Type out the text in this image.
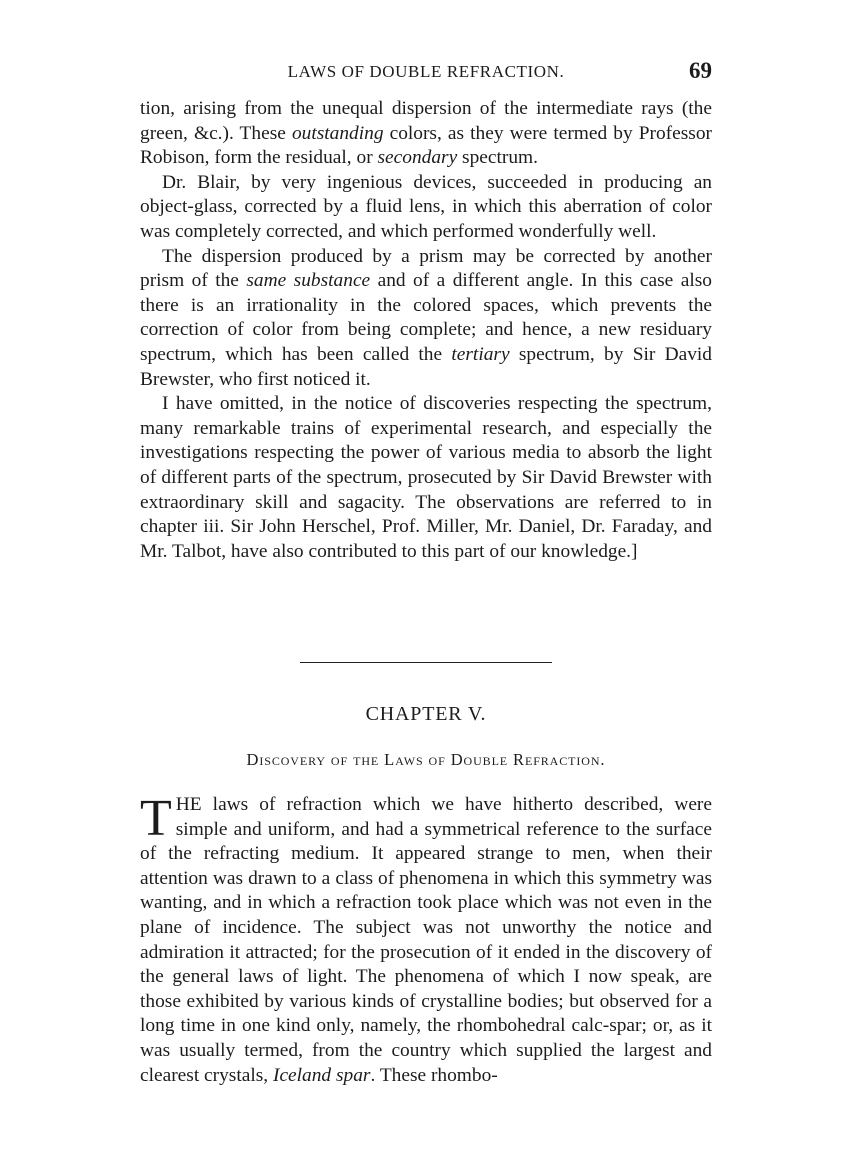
LAWS OF DOUBLE REFRACTION.	69

tion, arising from the unequal dispersion of the intermediate rays (the green, &c.). These outstanding colors, as they were termed by Professor Robison, form the residual, or secondary spectrum.

Dr. Blair, by very ingenious devices, succeeded in producing an object-glass, corrected by a fluid lens, in which this aberration of color was completely corrected, and which performed wonderfully well.

The dispersion produced by a prism may be corrected by another prism of the same substance and of a different angle. In this case also there is an irrationality in the colored spaces, which prevents the correction of color from being complete; and hence, a new residuary spectrum, which has been called the tertiary spectrum, by Sir David Brewster, who first noticed it.

I have omitted, in the notice of discoveries respecting the spectrum, many remarkable trains of experimental research, and especially the investigations respecting the power of various media to absorb the light of different parts of the spectrum, prosecuted by Sir David Brewster with extraordinary skill and sagacity. The observations are referred to in chapter iii. Sir John Herschel, Prof. Miller, Mr. Daniel, Dr. Faraday, and Mr. Talbot, have also contributed to this part of our knowledge.]

CHAPTER V.
Discovery of the Laws of Double Refraction.

THE laws of refraction which we have hitherto described, were simple and uniform, and had a symmetrical reference to the surface of the refracting medium. It appeared strange to men, when their attention was drawn to a class of phenomena in which this symmetry was wanting, and in which a refraction took place which was not even in the plane of incidence. The subject was not unworthy the notice and admiration it attracted; for the prosecution of it ended in the discovery of the general laws of light. The phenomena of which I now speak, are those exhibited by various kinds of crystalline bodies; but observed for a long time in one kind only, namely, the rhombohedral calc-spar; or, as it was usually termed, from the country which supplied the largest and clearest crystals, Iceland spar. These rhombo-
